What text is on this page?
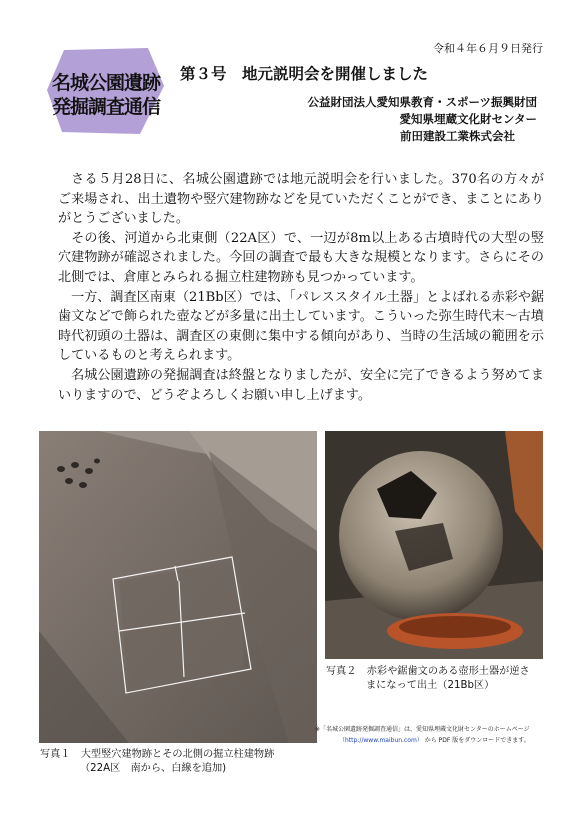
令和４年６月９日発行
名城公園遺跡
発掘調査通信
第３号　地元説明会を開催しました
公益財団法人愛知県教育・スポーツ振興財団
愛知県埋蔵文化財センター
前田建設工業株式会社

さる５月28日に、名城公園遺跡では地元説明会を行いました。370名の方々がご来場され、出土遺物や竪穴建物跡などを見ていただくことができ、まことにありがとうございました。

その後、河道から北東側（22A区）で、一辺が8m以上ある古墳時代の大型の竪穴建物跡が確認されました。今回の調査で最も大きな規模となります。さらにその北側では、倉庫とみられる掘立柱建物跡も見つかっています。

一方、調査区南東（21Bb区）では、「パレススタイル土器」とよばれる赤彩や鋸歯文などで飾られた壺などが多量に出土しています。こういった弥生時代末〜古墳時代初頭の土器は、調査区の東側に集中する傾向があり、当時の生活域の範囲を示しているものと考えられます。

名城公園遺跡の発掘調査は終盤となりましたが、安全に完了できるよう努めてまいりますので、どうぞよろしくお願い申し上げます。

写真１　大型竪穴建物跡とその北側の掘立柱建物跡
（22A区　南から、白線を追加)
写真２　赤彩や鋸歯文のある壺形土器が逆さ
まになって出土（21Bb区）
※「名城公園遺跡発掘調査通信」は、愛知県埋蔵文化財センターのホームページ
（http://www.maibun.com） から PDF 版をダウンロードできます。
